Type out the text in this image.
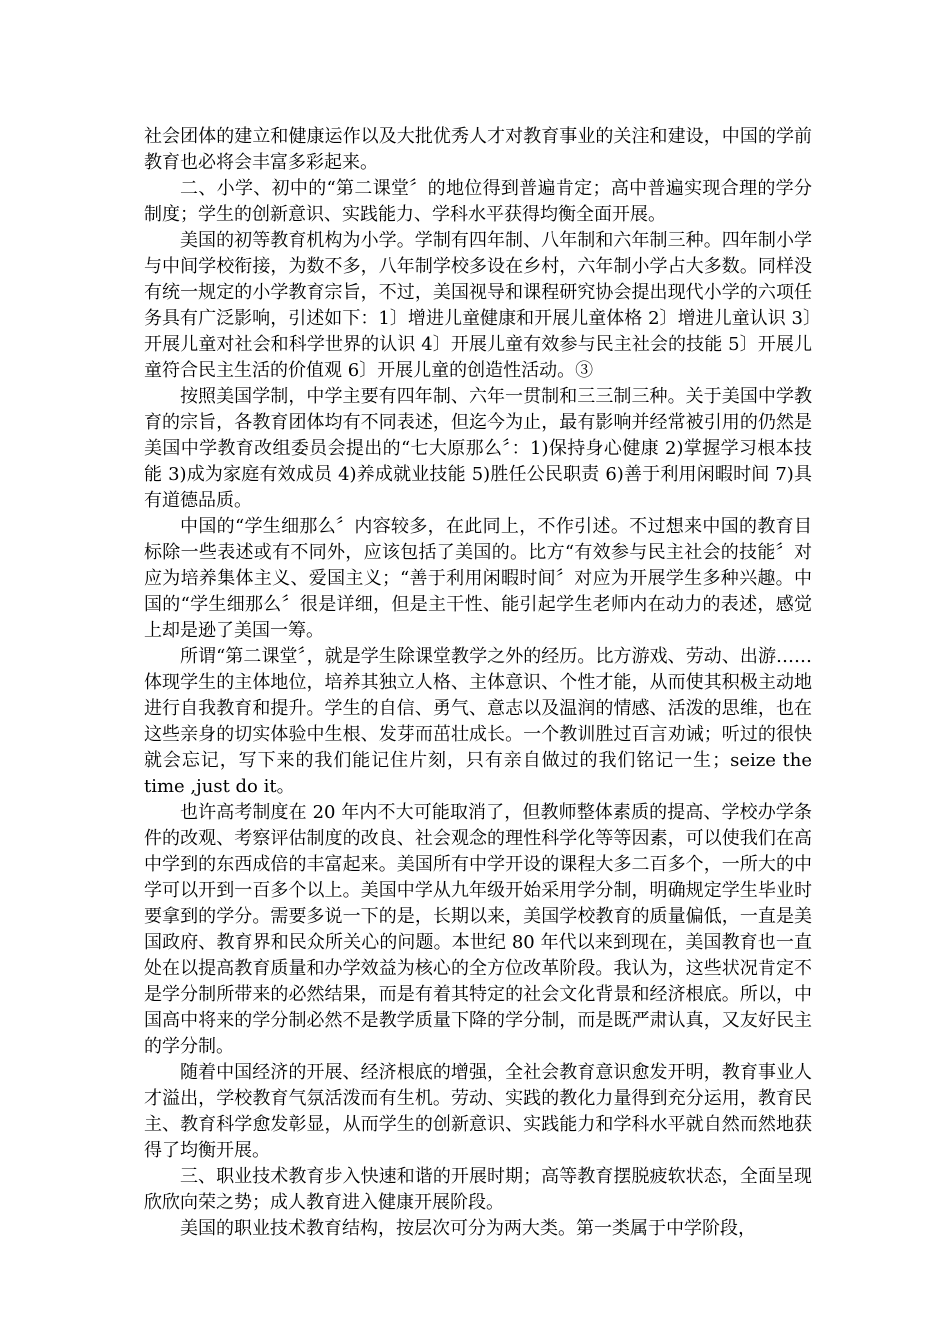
社会团体的建立和健康运作以及大批优秀人才对教育事业的关注和建设，中国的学前教育也必将会丰富多彩起来。

二、小学、初中的“第二课堂〞的地位得到普遍肯定；高中普遍实现合理的学分制度；学生的创新意识、实践能力、学科水平获得均衡全面开展。

美国的初等教育机构为小学。学制有四年制、八年制和六年制三种。四年制小学与中间学校衔接，为数不多，八年制学校多设在乡村，六年制小学占大多数。同样没有统一规定的小学教育宗旨，不过，美国视导和课程研究协会提出现代小学的六项任务具有广泛影响，引述如下：1〕增进儿童健康和开展儿童体格 2〕增进儿童认识 3〕开展儿童对社会和科学世界的认识 4〕开展儿童有效参与民主社会的技能 5〕开展儿童符合民主生活的价值观 6〕开展儿童的创造性活动。③

按照美国学制，中学主要有四年制、六年一贯制和三三制三种。关于美国中学教育的宗旨，各教育团体均有不同表述，但迄今为止，最有影响并经常被引用的仍然是美国中学教育改组委员会提出的“七大原那么〞：1)保持身心健康 2)掌握学习根本技能 3)成为家庭有效成员 4)养成就业技能 5)胜任公民职责 6)善于利用闲暇时间 7)具有道德品质。

中国的“学生细那么〞内容较多，在此同上，不作引述。不过想来中国的教育目标除一些表述或有不同外，应该包括了美国的。比方“有效参与民主社会的技能〞对应为培养集体主义、爱国主义；“善于利用闲暇时间〞对应为开展学生多种兴趣。中国的“学生细那么〞很是详细，但是主干性、能引起学生老师内在动力的表述，感觉上却是逊了美国一筹。

所谓“第二课堂〞，就是学生除课堂教学之外的经历。比方游戏、劳动、出游……体现学生的主体地位，培养其独立人格、主体意识、个性才能，从而使其积极主动地进行自我教育和提升。学生的自信、勇气、意志以及温润的情感、活泼的思维，也在这些亲身的切实体验中生根、发芽而茁壮成长。一个教训胜过百言劝诫；听过的很快就会忘记，写下来的我们能记住片刻，只有亲自做过的我们铭记一生；seize the time ,just do it。

也许高考制度在 20 年内不大可能取消了，但教师整体素质的提高、学校办学条件的改观、考察评估制度的改良、社会观念的理性科学化等等因素，可以使我们在高中学到的东西成倍的丰富起来。美国所有中学开设的课程大多二百多个，一所大的中学可以开到一百多个以上。美国中学从九年级开始采用学分制，明确规定学生毕业时要拿到的学分。需要多说一下的是，长期以来，美国学校教育的质量偏低，一直是美国政府、教育界和民众所关心的问题。本世纪 80 年代以来到现在，美国教育也一直处在以提高教育质量和办学效益为核心的全方位改革阶段。我认为，这些状况肯定不是学分制所带来的必然结果，而是有着其特定的社会文化背景和经济根底。所以，中国高中将来的学分制必然不是教学质量下降的学分制，而是既严肃认真，又友好民主的学分制。

随着中国经济的开展、经济根底的增强，全社会教育意识愈发开明，教育事业人才溢出，学校教育气氛活泼而有生机。劳动、实践的教化力量得到充分运用，教育民主、教育科学愈发彰显，从而学生的创新意识、实践能力和学科水平就自然而然地获得了均衡开展。

三、职业技术教育步入快速和谐的开展时期；高等教育摆脱疲软状态，全面呈现欣欣向荣之势；成人教育进入健康开展阶段。

美国的职业技术教育结构，按层次可分为两大类。第一类属于中学阶段，
